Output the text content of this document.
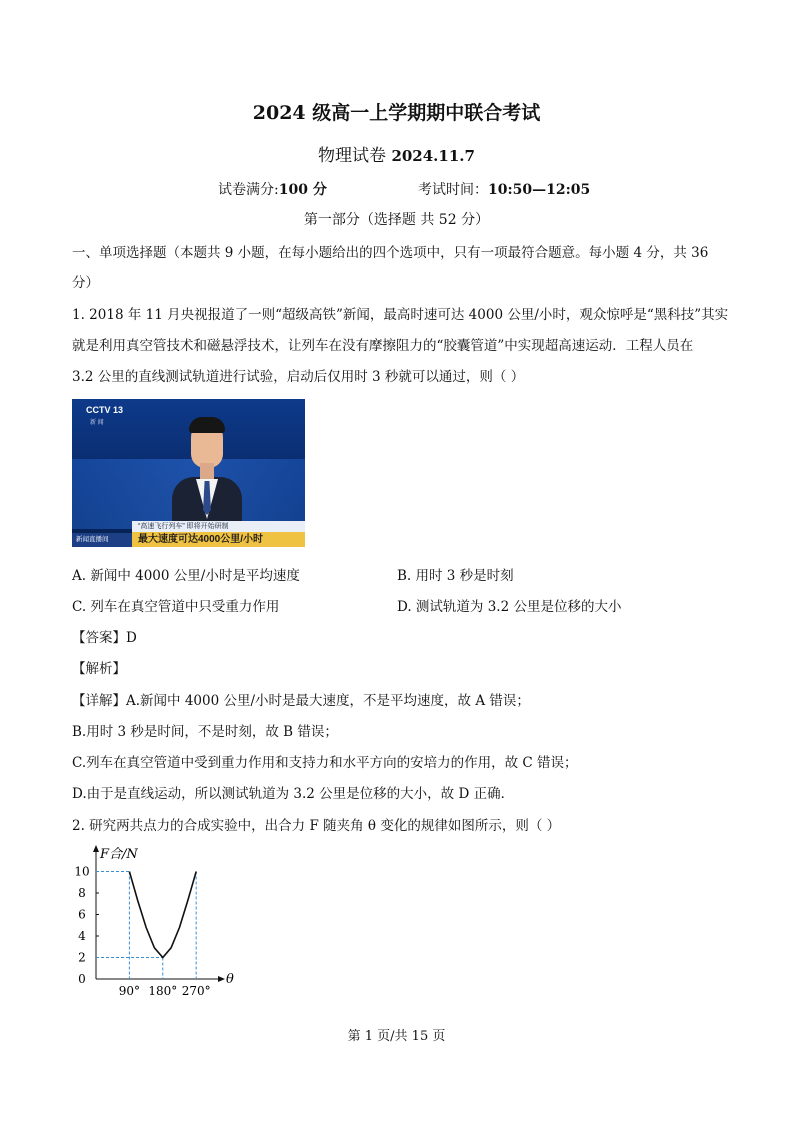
2024 级高一上学期期中联合考试
物理试卷 2024.11.7
试卷满分:100 分	考试时间：10:50—12:05
第一部分（选择题 共 52 分）
一、单项选择题（本题共 9 小题，在每小题给出的四个选项中，只有一项最符合题意。每小题 4 分，共 36
分）
1. 2018 年 11 月央视报道了一则“超级高铁”新闻，最高时速可达 4000 公里/小时，观众惊呼是“黑科技”其实
就是利用真空管技术和磁悬浮技术，让列车在没有摩擦阻力的“胶囊管道”中实现超高速运动．工程人员在
3.2 公里的直线测试轨道进行试验，启动后仅用时 3 秒就可以通过，则（ ）
CCTV 13
新 闻
“高速飞行列车” 即将开始研制
新闻直播间	最大速度可达4000公里/小时
A. 新闻中 4000 公里/小时是平均速度	B. 用时 3 秒是时刻
C. 列车在真空管道中只受重力作用	D. 测试轨道为 3.2 公里是位移的大小
【答案】D
【解析】
【详解】A.新闻中 4000 公里/小时是最大速度，不是平均速度，故 A 错误；
B.用时 3 秒是时间，不是时刻，故 B 错误；
C.列车在真空管道中受到重力作用和支持力和水平方向的安培力的作用，故 C 错误；
D.由于是直线运动，所以测试轨道为 3.2 公里是位移的大小，故 D 正确．
2. 研究两共点力的合成实验中，出合力 F 随夹角 θ 变化的规律如图所示，则（ ）
F合/N
θ
10
8
6
4
2
0
90° 180° 270°
第 1 页/共 15 页
